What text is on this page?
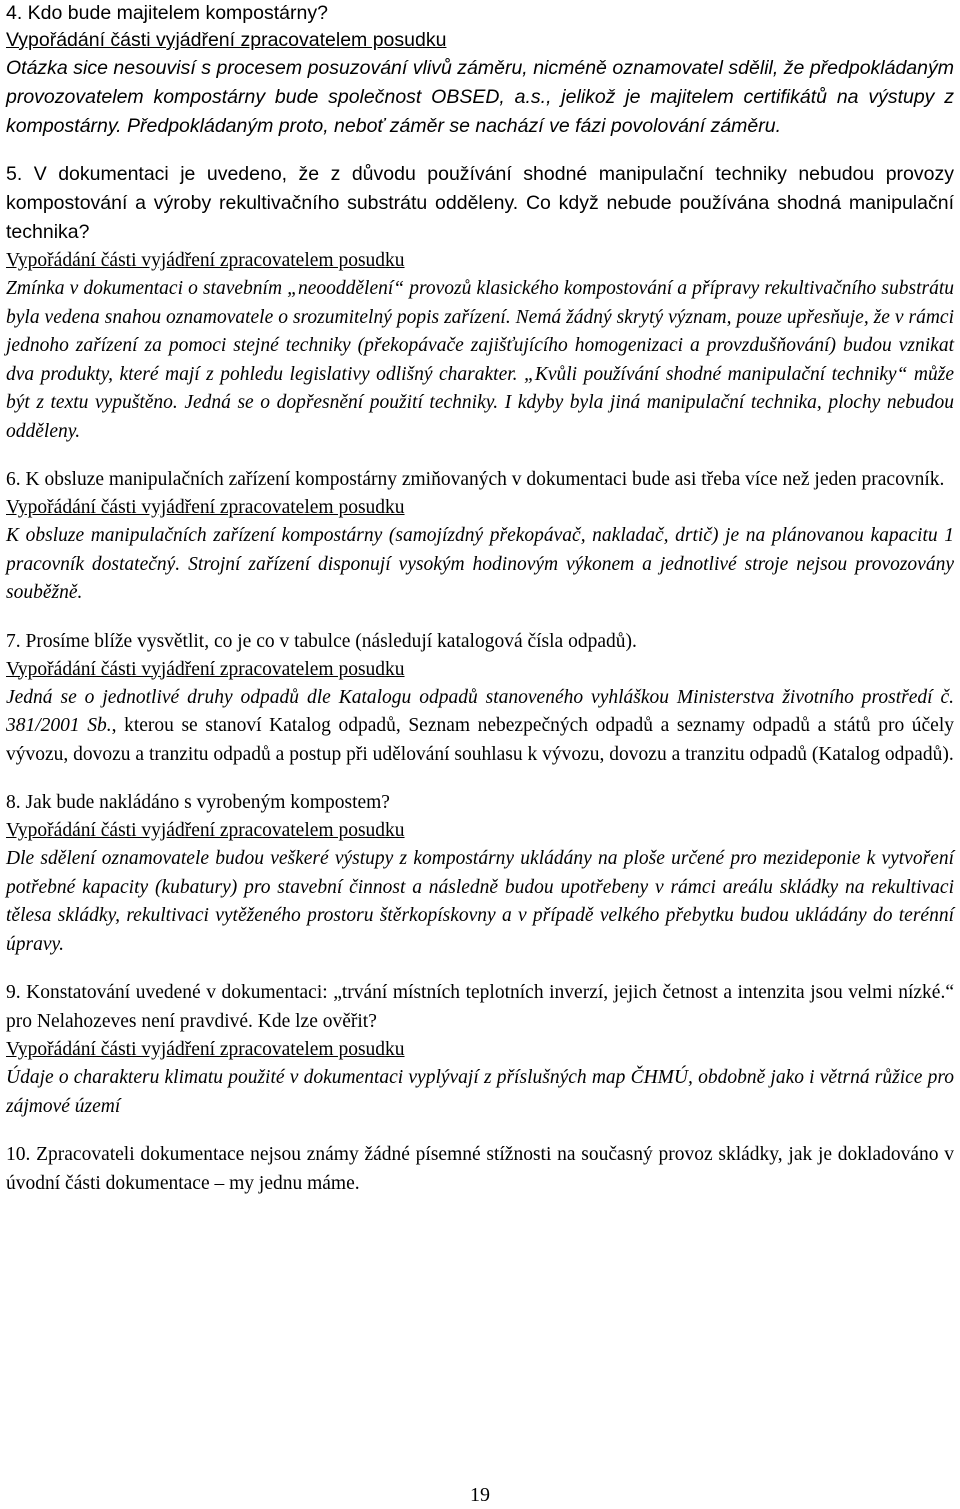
4. Kdo bude majitelem kompostárny?
Vypořádání části vyjádření zpracovatelem posudku
Otázka sice nesouvisí s procesem posuzování vlivů záměru, nicméně oznamovatel sdělil, že předpokládaným provozovatelem kompostárny bude společnost OBSED, a.s., jelikož je majitelem certifikátů na výstupy z kompostárny. Předpokládaným proto, neboť záměr se nachází ve fázi povolování záměru.
5. V dokumentaci je uvedeno, že z důvodu používání shodné manipulační techniky nebudou provozy kompostování a výroby rekultivačního substrátu odděleny. Co když nebude používána shodná manipulační technika?
Vypořádání části vyjádření zpracovatelem posudku
Zmínka v dokumentaci o stavebním „neooddělení“ provozů klasického kompostování a přípravy rekultivačního substrátu byla vedena snahou oznamovatele o srozumitelný popis zařízení. Nemá žádný skrytý význam, pouze upřesňuje, že v rámci jednoho zařízení za pomoci stejné techniky (překopávače zajišťujícího homogenizaci a provzdušňování) budou vznikat dva produkty, které mají z pohledu legislativy odlišný charakter. „Kvůli používání shodné manipulační techniky“ může být z textu vypuštěno. Jedná se o dopřesnění použití techniky. I kdyby byla jiná manipulační technika, plochy nebudou odděleny.
6. K obsluze manipulačních zařízení kompostárny zmiňovaných v dokumentaci bude asi třeba více než jeden pracovník.
Vypořádání části vyjádření zpracovatelem posudku
K obsluze manipulačních zařízení kompostárny (samojízdný překopávač, nakladač, drtič) je na plánovanou kapacitu 1 pracovník dostatečný. Strojní zařízení disponují vysokým hodinovým výkonem a jednotlivé stroje nejsou provozovány souběžně.
7. Prosíme blíže vysvětlit, co je co v tabulce (následují katalogová čísla odpadů).
Vypořádání části vyjádření zpracovatelem posudku
Jedná se o jednotlivé druhy odpadů dle Katalogu odpadů stanoveného vyhláškou Ministerstva životního prostředí č. 381/2001 Sb., kterou se stanoví Katalog odpadů, Seznam nebezpečných odpadů a seznamy odpadů a států pro účely vývozu, dovozu a tranzitu odpadů a postup při udělování souhlasu k vývozu, dovozu a tranzitu odpadů (Katalog odpadů).
8. Jak bude nakládáno s vyrobeným kompostem?
Vypořádání části vyjádření zpracovatelem posudku
Dle sdělení oznamovatele budou veškeré výstupy z kompostárny ukládány na ploše určené pro mezideponie k vytvoření potřebné kapacity (kubatury) pro stavební činnost a následně budou upotřebeny v rámci areálu skládky na rekultivaci tělesa skládky, rekultivaci vytěženého prostoru štěrkopískovny a v případě velkého přebytku budou ukládány do terénní úpravy.
9. Konstatování uvedené v dokumentaci: „trvání místních teplotních inverzí, jejich četnost a intenzita jsou velmi nízké.“ pro Nelahozeves není pravdivé. Kde lze ověřit?
Vypořádání části vyjádření zpracovatelem posudku
Údaje o charakteru klimatu použité v dokumentaci vyplývají z příslušných map ČHMÚ, obdobně jako i větrná růžice pro zájmové území
10. Zpracovateli dokumentace nejsou známy žádné písemné stížnosti na současný provoz skládky, jak je dokladováno v úvodní části dokumentace – my jednu máme.
19
